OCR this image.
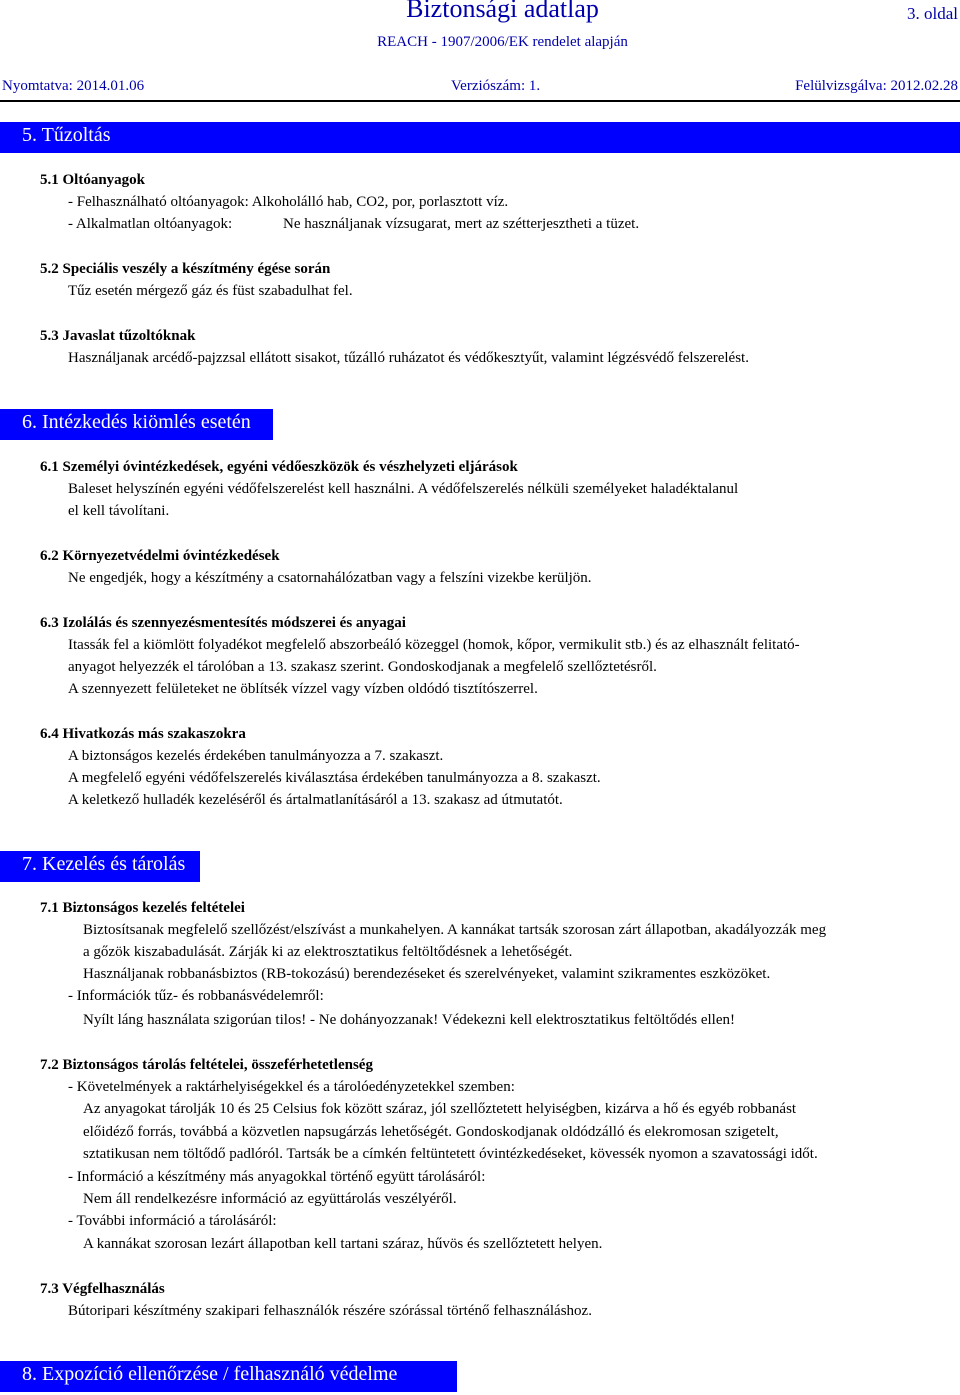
Biztonsági adatlap
REACH - 1907/2006/EK rendelet alapján
3. oldal
Nyomtatva: 2014.01.06	Verziószám: 1.	Felülvizsgálva: 2012.02.28
5. Tűzoltás
5.1 Oltóanyagok
- Felhasználható oltóanyagok: Alkoholálló hab, CO2, por, porlasztott víz.
- Alkalmatlan oltóanyagok:	Ne használjanak vízsugarat, mert az szétterjesztheti a tüzet.
5.2 Speciális veszély a készítmény égése során
Tűz esetén mérgező gáz és füst szabadulhat fel.
5.3 Javaslat tűzoltóknak
Használjanak arcédő-pajzzsal ellátott sisakot, tűzálló ruházatot és védőkesztyűt, valamint légzésvédő felszerelést.
6. Intézkedés kiömlés esetén
6.1 Személyi óvintézkedések, egyéni védőeszközök és vészhelyzeti eljárások
Baleset helyszínén egyéni védőfelszerelést kell használni. A védőfelszerelés nélküli személyeket haladéktalanul
el kell távolítani.
6.2 Környezetvédelmi óvintézkedések
Ne engedjék, hogy a készítmény a csatornahálózatban vagy a felszíni vizekbe kerüljön.
6.3 Izolálás és szennyezésmentesítés módszerei és anyagai
Itassák fel a kiömlött folyadékot megfelelő abszorbeáló közeggel (homok, kőpor, vermikulit stb.) és az elhasznált felitató-
anyagot helyezzék el tárolóban a 13. szakasz szerint. Gondoskodjanak a megfelelő szellőztetésről.
A szennyezett felületeket ne öblítsék vízzel vagy vízben oldódó tisztítószerrel.
6.4 Hivatkozás más szakaszokra
A biztonságos kezelés érdekében tanulmányozza a 7. szakaszt.
A megfelelő egyéni védőfelszerelés kiválasztása érdekében tanulmányozza a 8. szakaszt.
A keletkező hulladék kezeléséről és ártalmatlanításáról a 13. szakasz ad útmutatót.
7. Kezelés és tárolás
7.1 Biztonságos kezelés feltételei
Biztosítsanak megfelelő szellőzést/elszívást a munkahelyen. A kannákat tartsák szorosan zárt állapotban, akadályozzák meg
a gőzök kiszabadulását. Zárják ki az elektrosztatikus feltöltődésnek a lehetőségét.
Használjanak robbanásbiztos (RB-tokozású) berendezéseket és szerelvényeket, valamint szikramentes eszközöket.
- Információk tűz- és robbanásvédelemről:
Nyílt láng használata szigorúan tilos! - Ne dohányozzanak! Védekezni kell elektrosztatikus feltöltődés ellen!
7.2 Biztonságos tárolás feltételei, összeférhetetlenség
- Követelmények a raktárhelyiségekkel és a tárolóedényzetekkel szemben:
Az anyagokat tárolják 10 és 25 Celsius fok között száraz, jól szellőztetett helyiségben, kizárva a hő és egyéb robbanást
előidéző forrás, továbbá a közvetlen napsugárzás lehetőségét. Gondoskodjanak oldódzálló és elekromosan szigetelt,
sztatikusan nem töltődő padlóról. Tartsák be a címkén feltüntetett óvintézkedéseket, kövessék nyomon a szavatossági időt.
- Információ a készítmény más anyagokkal történő együtt tárolásáról:
Nem áll rendelkezésre információ az együttárolás veszélyéről.
- További információ a tárolásáról:
A kannákat szorosan lezárt állapotban kell tartani száraz, hűvös és szellőztetett helyen.
7.3 Végfelhasználás
Bútoripari készítmény szakipari felhasználók részére szórással történő felhasználáshoz.
8. Expozíció ellenőrzése / felhasználó védelme
